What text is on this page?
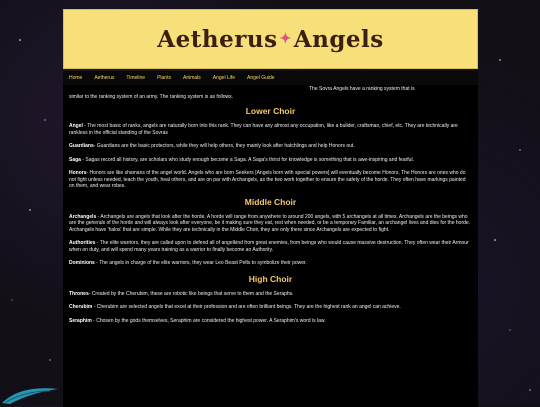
Aetherus ✦ Angels
Home Aetherus Timeline Plants Animals Angel Life Angel Guide
The Sovra Angels have a ranking system that is
similar to the ranking system of an army. The ranking system is as follows.
Lower Choir

Angel - The most basic of ranks, angels are naturally born into this rank. They can have any almost any occupation, like a builder, craftsman, chief, etc. They are technically are rankless in the official standing of the Sovras

Guardians- Guardians are the basic protectors, while they will help others, they mainly look after hatchlings and help Honors out.

Saga - Sagas record all history, are scholars who study enough become a Saga. A Saga's thirst for knowledge is something that is awe-inspiring and fearful.

Honors- Honors are like shamans of the angel world. Angels who are born Seekers [Angels born with special powers] will eventually become Honors. The Honors are ones who do not fight unless needed, teach the youth, heal others, and are on par with Archangels, as the two work together to ensure the safety of the horde. They often have markings painted on them, and wear robes.

Middle Choir

Archangels - Archangels are angels that look after the horde. A horde will range from anywhere to around 200 angels, with 5 archangels at all times. Archangels are the beings who are the generals of the horde and will always look after everyone, be it making sure they eat, rest when needed, or be a temporary Familiar, an archangel lives and dies for the horde. Archangels have 'halos' that are simple. While they are technically in the Middle Choir, they are only there since Archangels are expected to fight.

Authorities - The elite warriors, they are called upon to defend all of angelkind from great enemies, from beings who would cause massive destruction. They often wear their Armour when on duty, and will spend many years training as a warrior to finally become an Authority.

Dominions - The angels in charge of the elite warriors, they wear Leo Beast Pelts to symbolize their power.

High Choir

Thrones- Created by the Cherubim, these are robotic like beings that serve to them and the Seraphs.

Cherubim - Cherubim are selected angels that excel at their profession and are often brilliant beings. They are the highest rank an angel can achieve.

Seraphim - Chosen by the gods themselves, Seraphim are considered the highest power. A Seraphim's word is law.
